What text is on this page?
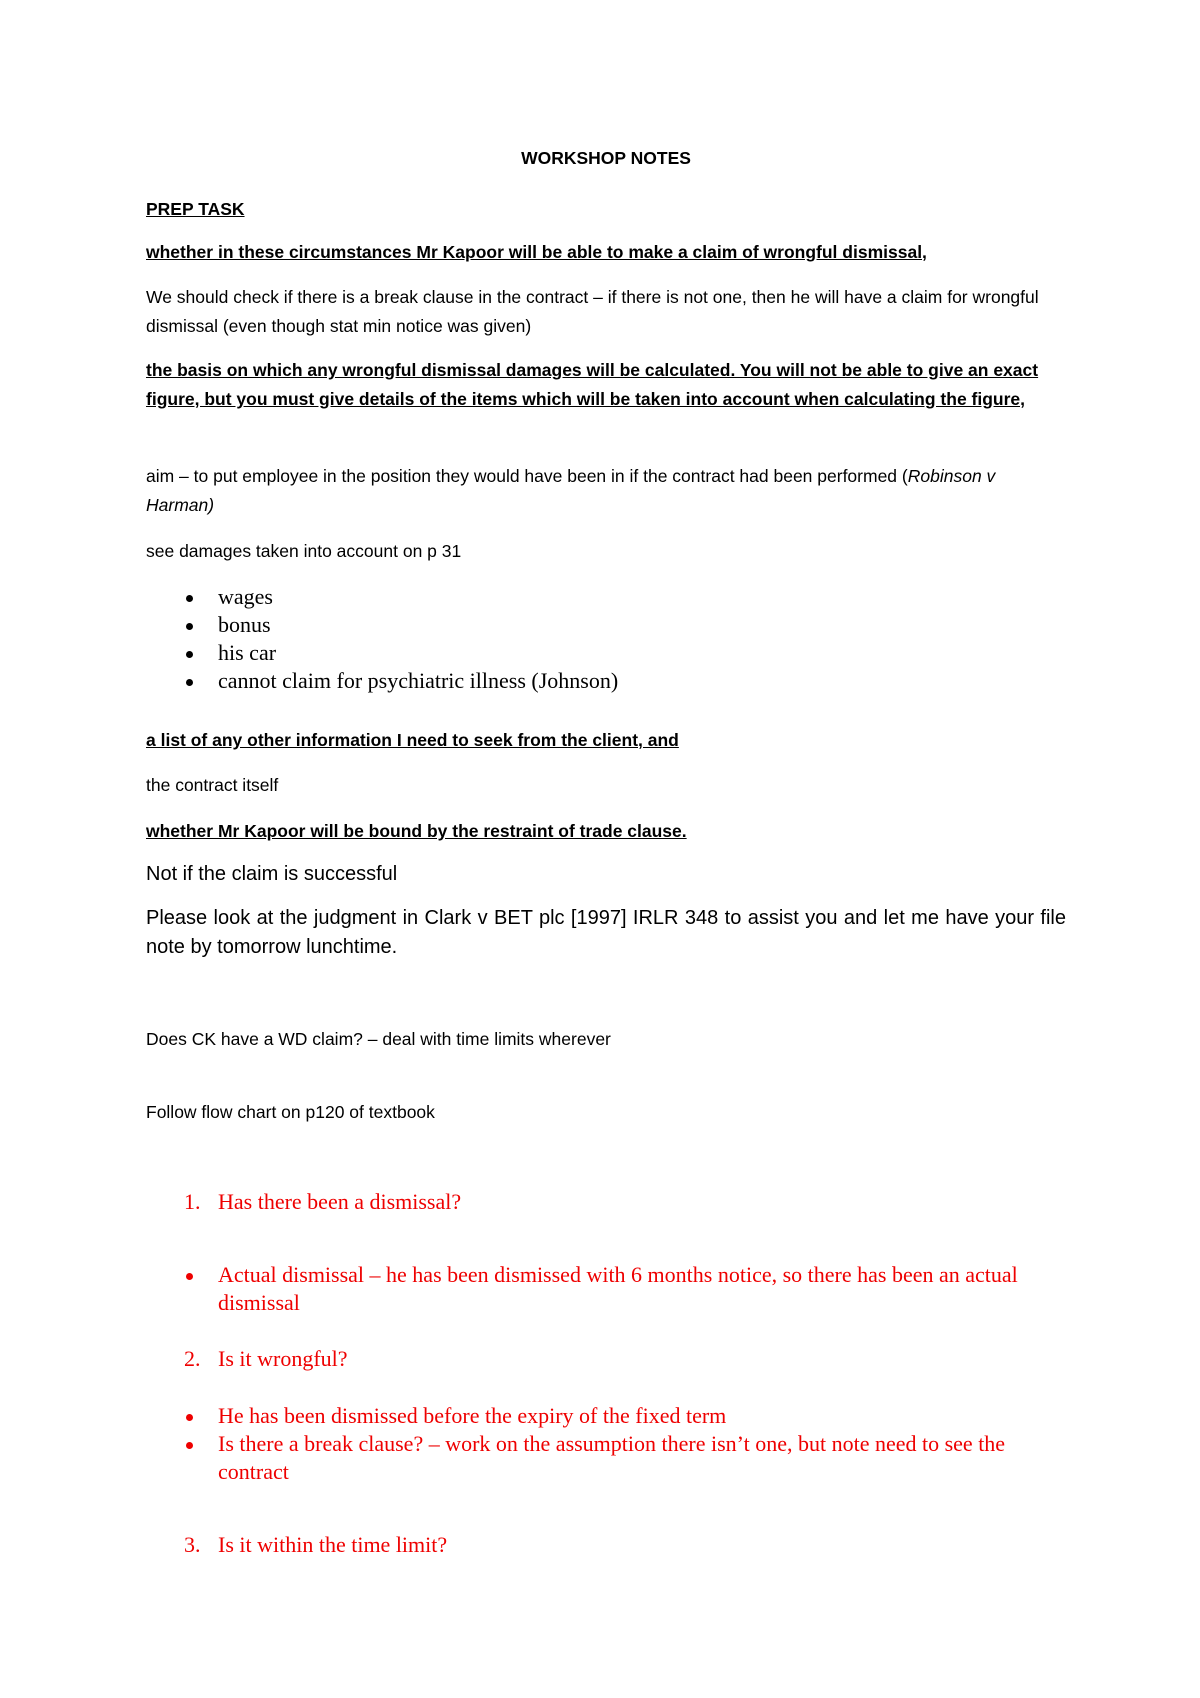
WORKSHOP NOTES

PREP TASK

whether in these circumstances Mr Kapoor will be able to make a claim of wrongful dismissal,

We should check if there is a break clause in the contract – if there is not one, then he will have a claim for wrongful dismissal (even though stat min notice was given)

the basis on which any wrongful dismissal damages will be calculated. You will not be able to give an exact figure, but you must give details of the items which will be taken into account when calculating the figure,

aim – to put employee in the position they would have been in if the contract had been performed (Robinson v Harman)

see damages taken into account on p 31

wages
bonus
his car
cannot claim for psychiatric illness (Johnson)

a list of any other information I need to seek from the client, and

the contract itself

whether Mr Kapoor will be bound by the restraint of trade clause.

Not if the claim is successful

Please look at the judgment in Clark v BET plc [1997] IRLR 348 to assist you and let me have your file note by tomorrow lunchtime.

Does CK have a WD claim? – deal with time limits wherever

Follow flow chart on p120 of textbook

1. Has there been a dismissal?
Actual dismissal – he has been dismissed with 6 months notice, so there has been an actual dismissal
2. Is it wrongful?
He has been dismissed before the expiry of the fixed term
Is there a break clause? – work on the assumption there isn’t one, but note need to see the contract
3. Is it within the time limit?
